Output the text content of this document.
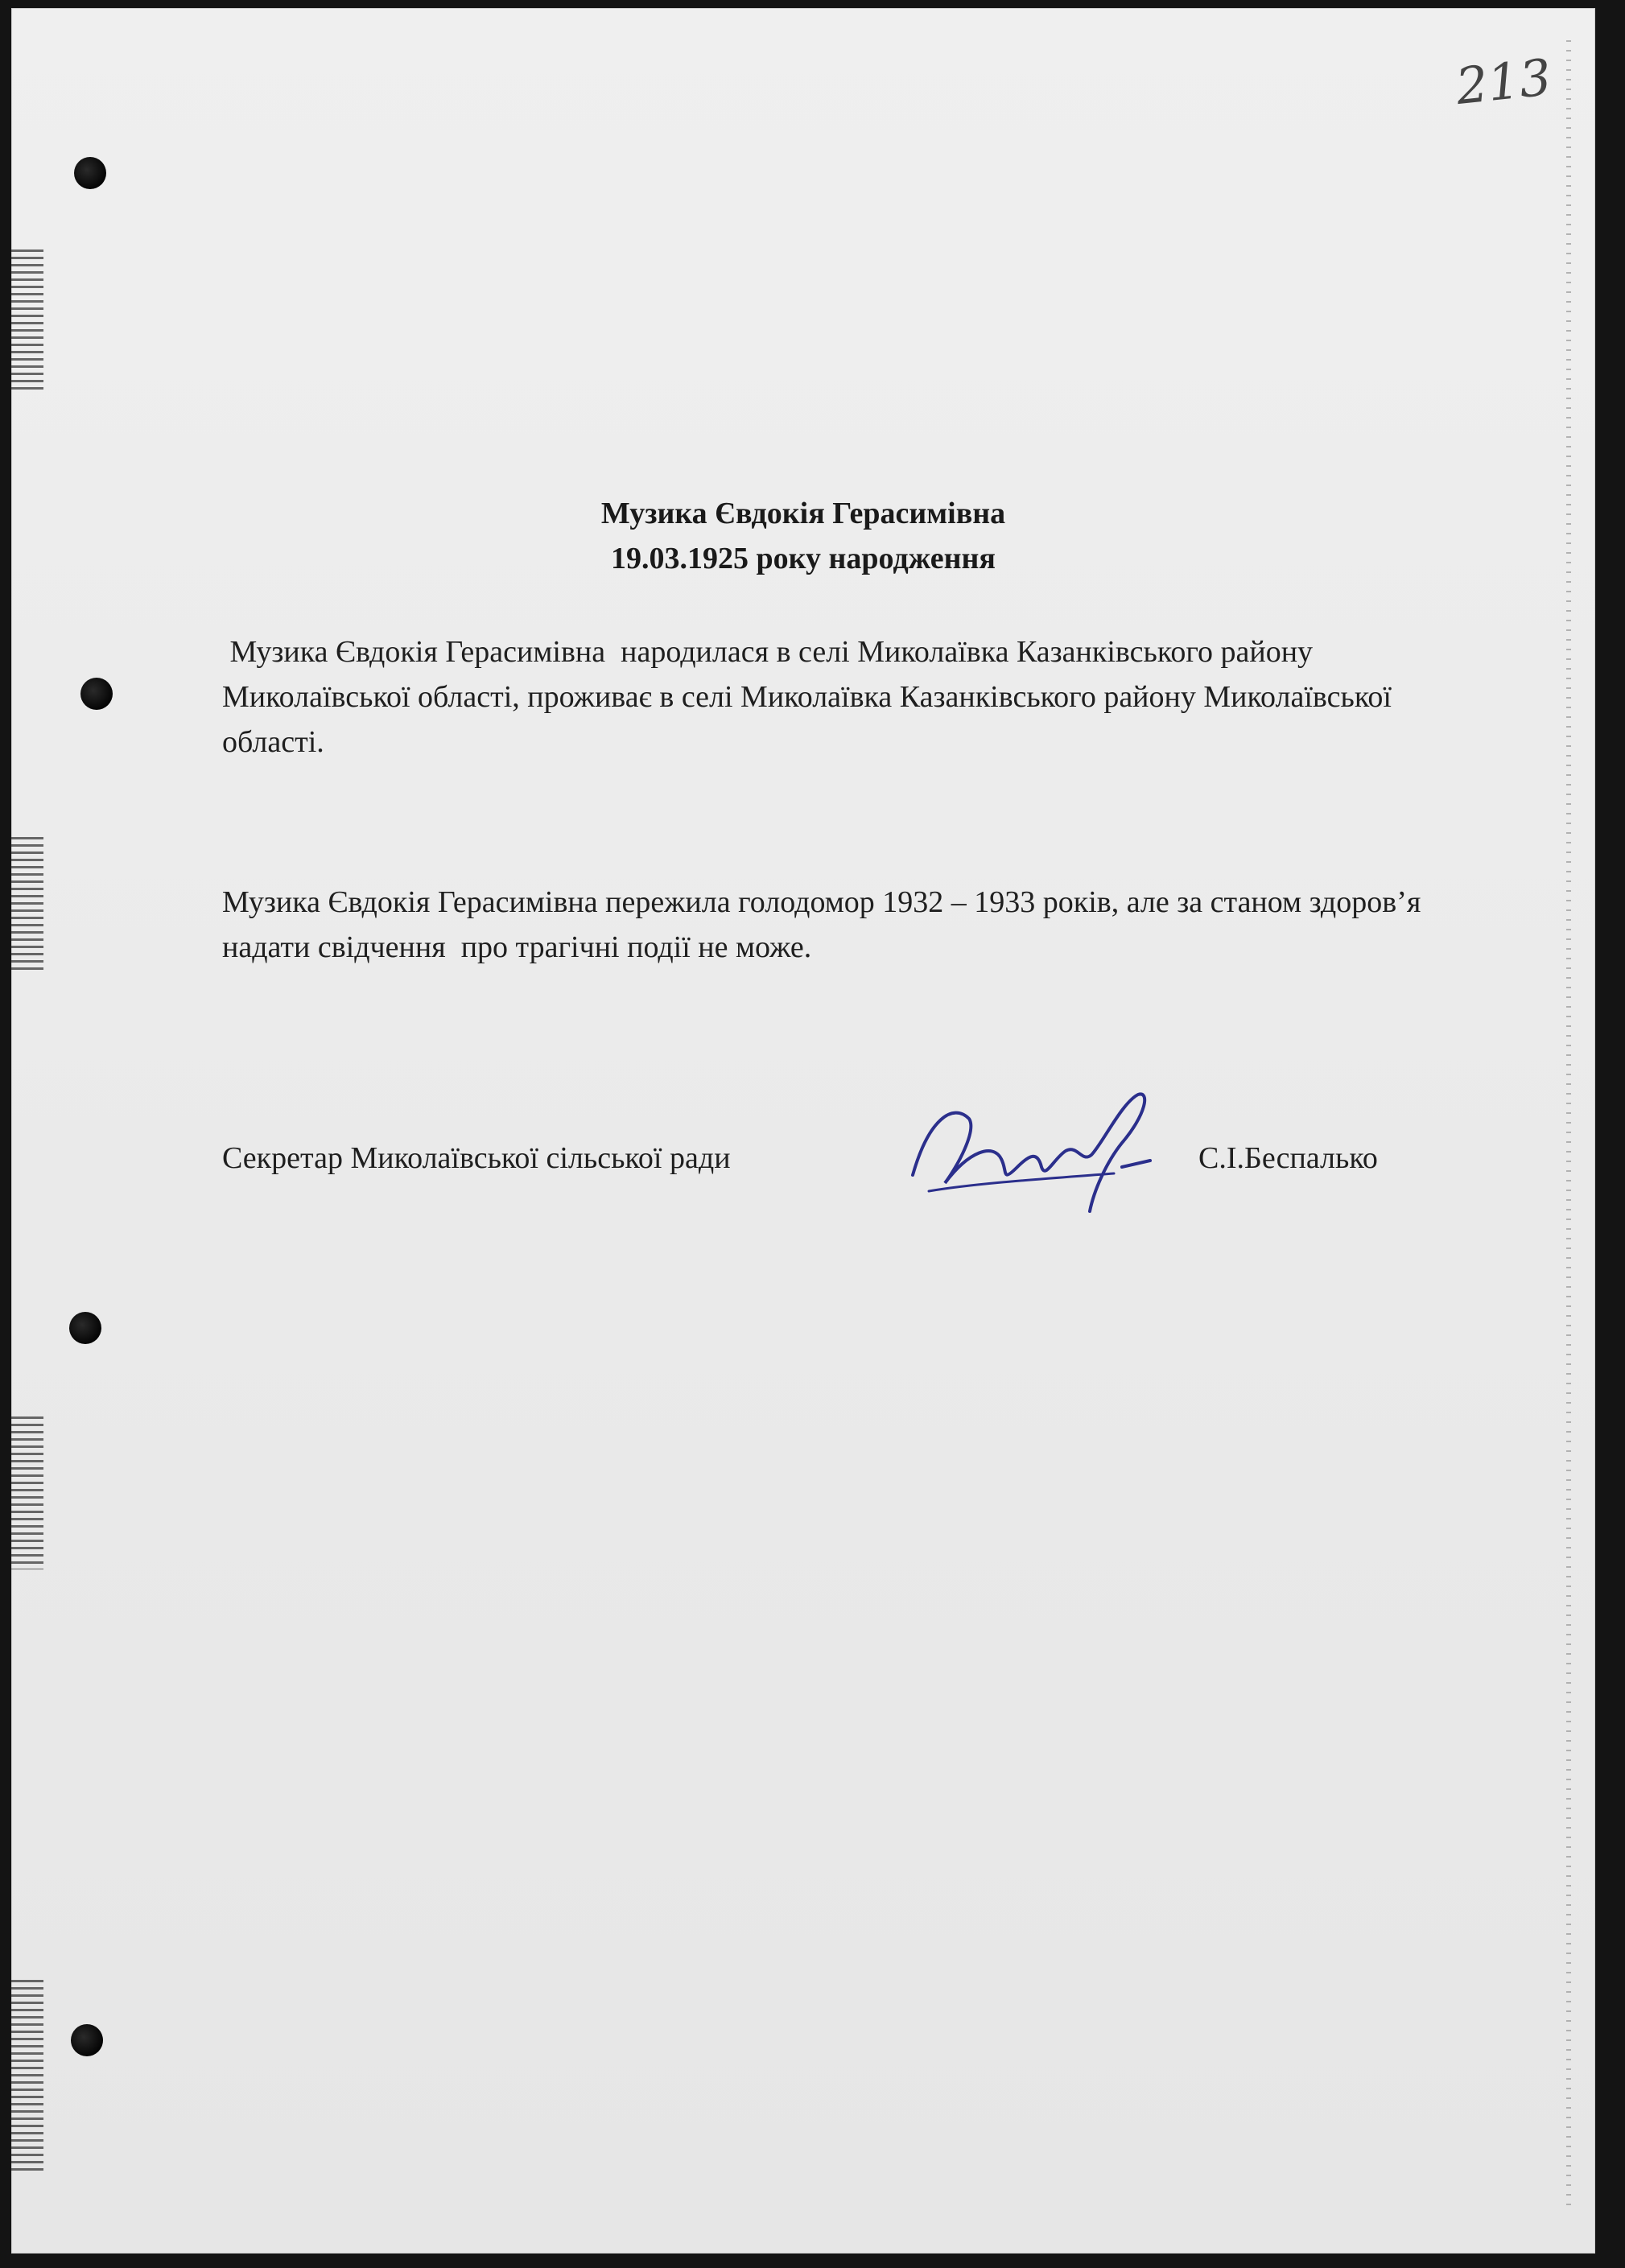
213
Музика Євдокія Герасимівна
19.03.1925 року народження
Музика Євдокія Герасимівна  народилася в селі Миколаївка Казанківського району Миколаївської області, проживає в селі Миколаївка Казанківського району Миколаївської області.
Музика Євдокія Герасимівна пережила голодомор 1932 – 1933 років, але за станом здоров’я надати свідчення  про трагічні події не може.
Секретар Миколаївської сільської ради	С.І.Беспалько
